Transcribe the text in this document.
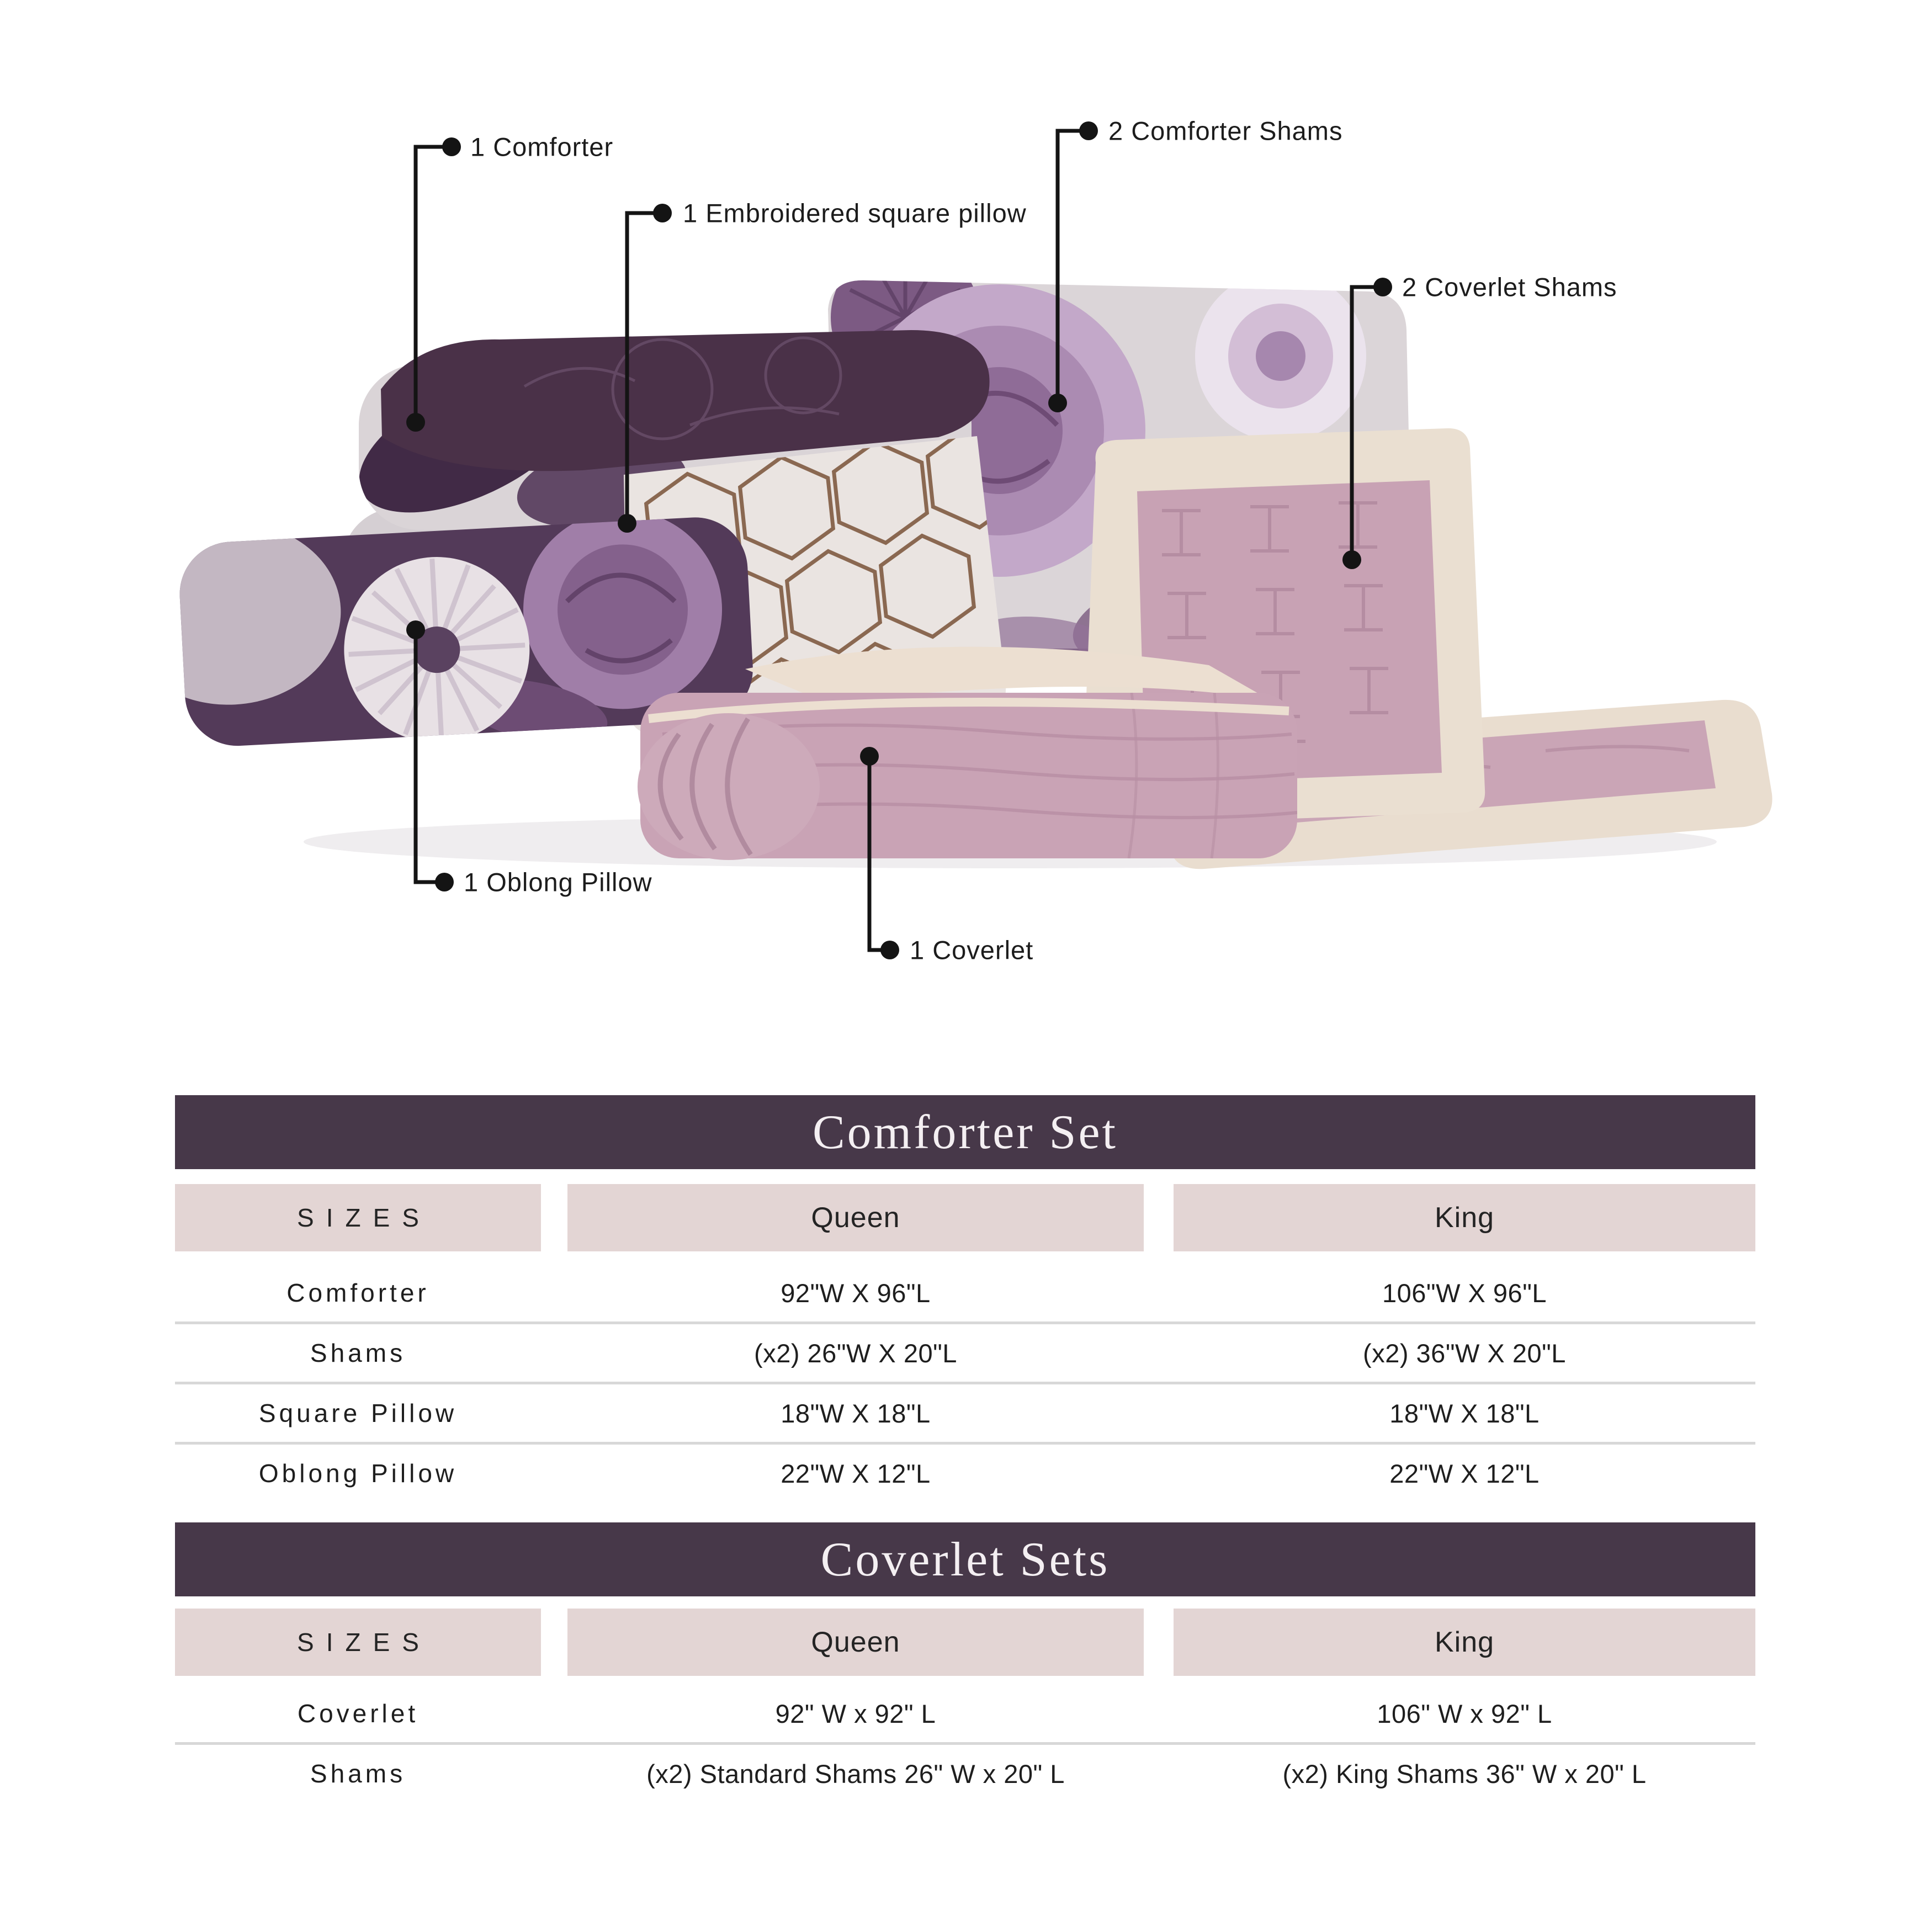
1 Comforter
1 Embroidered square pillow
2 Comforter Shams
2 Coverlet Shams
1 Oblong Pillow
1 Coverlet
Comforter Set
SIZES	Queen	King
Comforter	92"W X 96"L	106"W X 96"L
Shams	(x2) 26"W X 20"L	(x2) 36"W X 20"L
Square Pillow	18"W X 18"L	18"W X 18"L
Oblong Pillow	22"W X 12"L	22"W X 12"L
Coverlet Sets
SIZES	Queen	King
Coverlet	92" W x 92" L	106" W x 92" L
Shams	(x2) Standard Shams 26" W x 20" L	(x2) King Shams 36" W x 20" L
